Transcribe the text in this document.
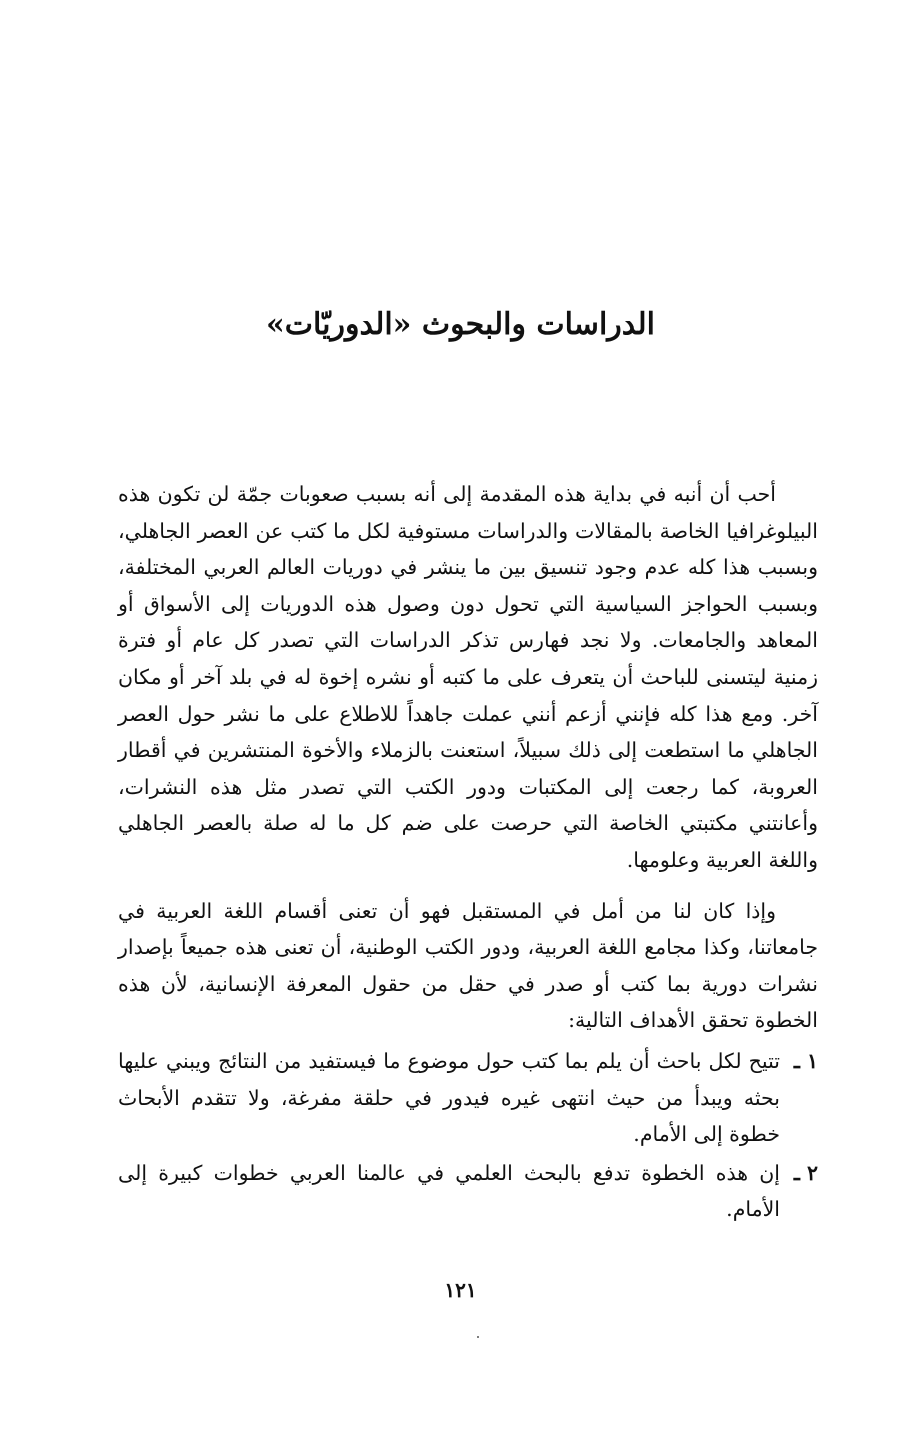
الدراسات والبحوث «الدوريّات»

أحب أن أنبه في بداية هذه المقدمة إلى أنه بسبب صعوبات جمّة لن تكون هذه البيلوغرافيا الخاصة بالمقالات والدراسات مستوفية لكل ما كتب عن العصر الجاهلي، وبسبب هذا كله عدم وجود تنسيق بين ما ينشر في دوريات العالم العربي المختلفة، وبسبب الحواجز السياسية التي تحول دون وصول هذه الدوريات إلى الأسواق أو المعاهد والجامعات. ولا نجد فهارس تذكر الدراسات التي تصدر كل عام أو فترة زمنية ليتسنى للباحث أن يتعرف على ما كتبه أو نشره إخوة له في بلد آخر أو مكان آخر. ومع هذا كله فإنني أزعم أنني عملت جاهداً للاطلاع على ما نشر حول العصر الجاهلي ما استطعت إلى ذلك سبيلاً، استعنت بالزملاء والأخوة المنتشرين في أقطار العروبة، كما رجعت إلى المكتبات ودور الكتب التي تصدر مثل هذه النشرات، وأعانتني مكتبتي الخاصة التي حرصت على ضم كل ما له صلة بالعصر الجاهلي واللغة العربية وعلومها.

وإذا كان لنا من أمل في المستقبل فهو أن تعنى أقسام اللغة العربية في جامعاتنا، وكذا مجامع اللغة العربية، ودور الكتب الوطنية، أن تعنى هذه جميعاً بإصدار نشرات دورية بما كتب أو صدر في حقل من حقول المعرفة الإنسانية، لأن هذه الخطوة تحقق الأهداف التالية:

١ ـ
تتيح لكل باحث أن يلم بما كتب حول موضوع ما فيستفيد من النتائج ويبني عليها بحثه ويبدأ من حيث انتهى غيره فيدور في حلقة مفرغة، ولا تتقدم الأبحاث خطوة إلى الأمام.
٢ ـ
إن هذه الخطوة تدفع بالبحث العلمي في عالمنا العربي خطوات كبيرة إلى الأمام.
١٢١
